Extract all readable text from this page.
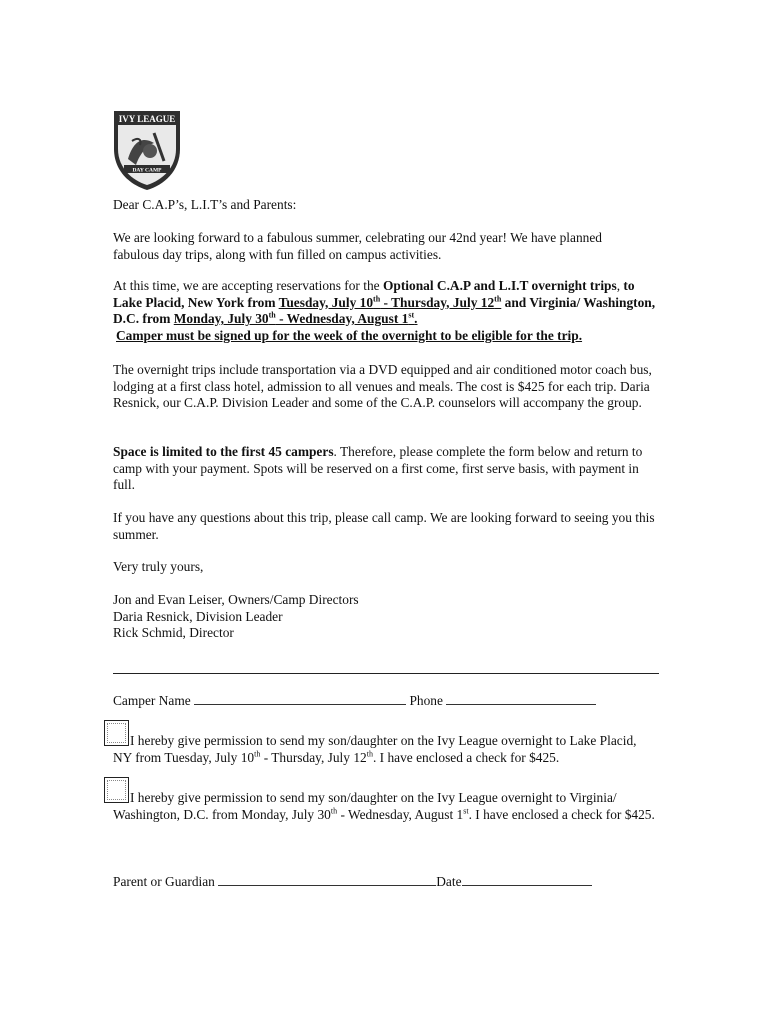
IVY LEAGUE
DAY CAMP

Dear C.A.P’s, L.I.T’s and Parents:

We are looking forward to a fabulous summer, celebrating our 42nd year! We have planned fabulous day trips, along with fun filled on campus activities.

At this time, we are accepting reservations for the Optional C.A.P and L.I.T overnight trips, to Lake Placid, New York from Tuesday, July 10th - Thursday, July 12th and Virginia/ Washington, D.C. from Monday, July 30th - Wednesday, August 1st.

Camper must be signed up for the week of the overnight to be eligible for the trip.

The overnight trips include transportation via a DVD equipped and air conditioned motor coach bus, lodging at a first class hotel, admission to all venues and meals. The cost is $425 for each trip. Daria Resnick, our C.A.P. Division Leader and some of the C.A.P. counselors will accompany the group.

Space is limited to the first 45 campers. Therefore, please complete the form below and return to camp with your payment. Spots will be reserved on a first come, first serve basis, with payment in full.

If you have any questions about this trip, please call camp. We are looking forward to seeing you this summer.

Very truly yours,

Jon and Evan Leiser, Owners/Camp Directors

Daria Resnick, Division Leader

Rick Schmid, Director

Camper Name	Phone

I hereby give permission to send my son/daughter on the Ivy League overnight to Lake Placid, NY from Tuesday, July 10th - Thursday, July 12th. I have enclosed a check for $425.

I hereby give permission to send my son/daughter on the Ivy League overnight to Virginia/ Washington, D.C. from Monday, July 30th - Wednesday, August 1st. I have enclosed a check for $425.

Parent or Guardian	Date
